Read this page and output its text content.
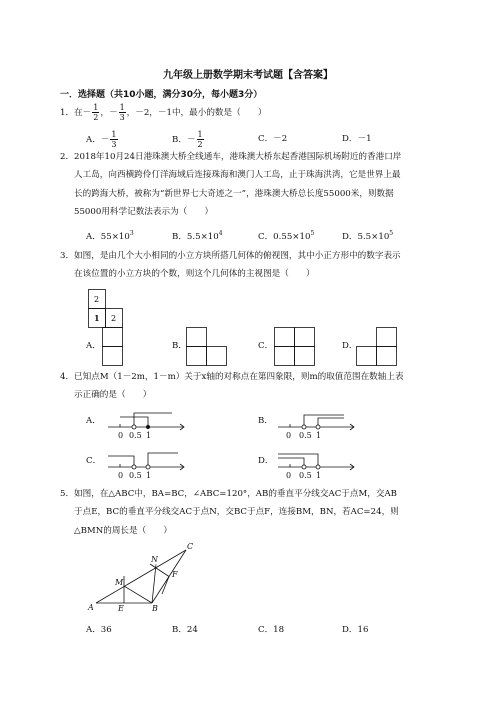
九年级上册数学期末考试题【含答案】
一．选择题（共10小题，满分30分，每小题3分）
1．在－ $\frac{1}{2}$ ，－ $\frac{1}{3}$ ，－2，－1中，最小的数是（　　）
A．－ $\frac{1}{3}$	B．－ $\frac{1}{2}$	C．－2	D．－1
2．2018年10月24日港珠澳大桥全线通车，港珠澳大桥东起香港国际机场附近的香港口岸
人工岛，向西横跨伶仃洋海域后连接珠海和澳门人工岛，止于珠海洪湾，它是世界上最
长的跨海大桥，被称为“新世界七大奇迹之一”，港珠澳大桥总长度55000米，则数据
55000用科学记数法表示为（　　）
A．$55\times 10^3$	B．$5.5\times 10^4$	C．$0.55\times 10^5$	D．$5.5\times 10^5$
3．如图，是由几个大小相同的小立方块所搭几何体的俯视图，其中小正方形中的数字表示
在该位置的小立方块的个数，则这个几何体的主视图是（　　）
2
1 2
A．	B．	C．	D．
4．已知点M（1－2m，1－m）关于x轴的对称点在第四象限，则m的取值范围在数轴上表
示正确的是（　　）
A．
0 0.5 1
B．
0 0.5 1
C．
0 0.5 1
D．
0 0.5 1
5．如图，在△ABC中，BA=BC，∠ABC=120°，AB的垂直平分线交AC于点M，交AB
于点E，BC的垂直平分线交AC于点N，交BC于点F，连接BM，BN，若AC=24，则
△BMN的周长是（　　）
A	B
C
E
F
M
N
A．36	B．24	C．18	D．16
